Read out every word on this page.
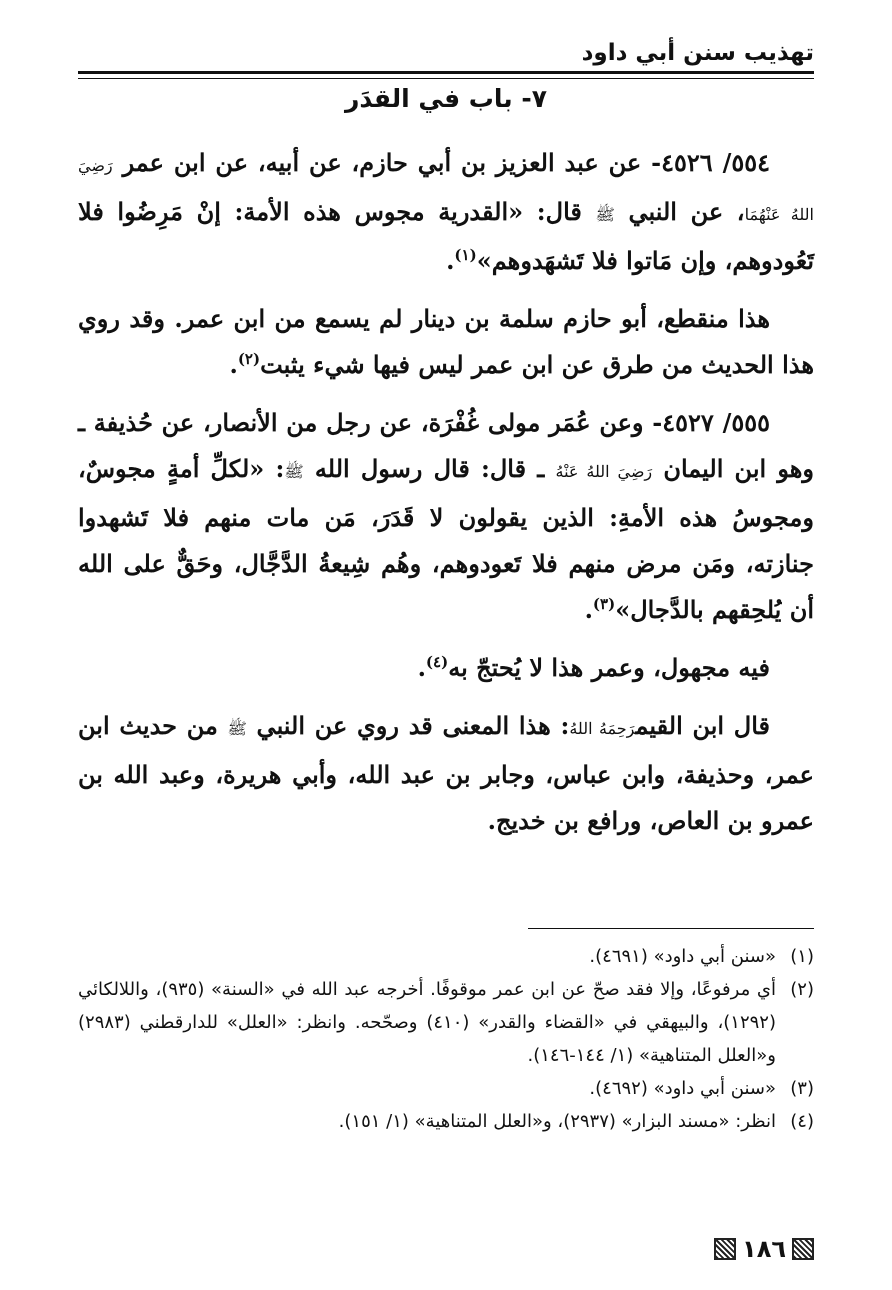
تهذيب سنن أبي داود
٧- باب في القدَر

٥٥٤/ ٤٥٢٦- عن عبد العزيز بن أبي حازم، عن أبيه، عن ابن عمر رَضِيَ اللهُ عَنْهُمَا، عن النبي ﷺ قال: «القدرية مجوس هذه الأمة: إنْ مَرِضُوا فلا تَعُودوهم، وإن مَاتوا فلا تَشهَدوهم»$^{(١)}$.

هذا منقطع، أبو حازم سلمة بن دينار لم يسمع من ابن عمر. وقد روي هذا الحديث من طرق عن ابن عمر ليس فيها شيء يثبت$^{(٢)}$.

٥٥٥/ ٤٥٢٧- وعن عُمَر مولى غُفْرَة، عن رجل من الأنصار، عن حُذيفة ـ وهو ابن اليمان رَضِيَ اللهُ عَنْهُ ـ قال: قال رسول الله ﷺ: «لكلِّ أمةٍ مجوسٌ، ومجوسُ هذه الأمةِ: الذين يقولون لا قَدَرَ، مَن مات منهم فلا تَشهدوا جنازته، ومَن مرض منهم فلا تَعودوهم، وهُم شِيعةُ الدَّجَّال، وحَقٌّ على الله أن يُلحِقهم بالدَّجال»$^{(٣)}$.

فيه مجهول، وعمر هذا لا يُحتجّ به$^{(٤)}$.

قال ابن القيمرَحِمَهُ اللهُ: هذا المعنى قد روي عن النبي ﷺ من حديث ابن عمر، وحذيفة، وابن عباس، وجابر بن عبد الله، وأبي هريرة، وعبد الله بن عمرو بن العاص، ورافع بن خديج.

(١)
«سنن أبي داود» (٤٦٩١).

(٢)
أي مرفوعًا، وإلا فقد صحّ عن ابن عمر موقوفًا. أخرجه عبد الله في «السنة» (٩٣٥)، واللالكائي (١٢٩٢)، والبيهقي في «القضاء والقدر» (٤١٠) وصحّحه. وانظر: «العلل» للدارقطني (٢٩٨٣) و«العلل المتناهية» (١/ ١٤٤-١٤٦).

(٣)
«سنن أبي داود» (٤٦٩٢).

(٤)
انظر: «مسند البزار» (٢٩٣٧)، و«العلل المتناهية» (١/ ١٥١).

١٨٦
